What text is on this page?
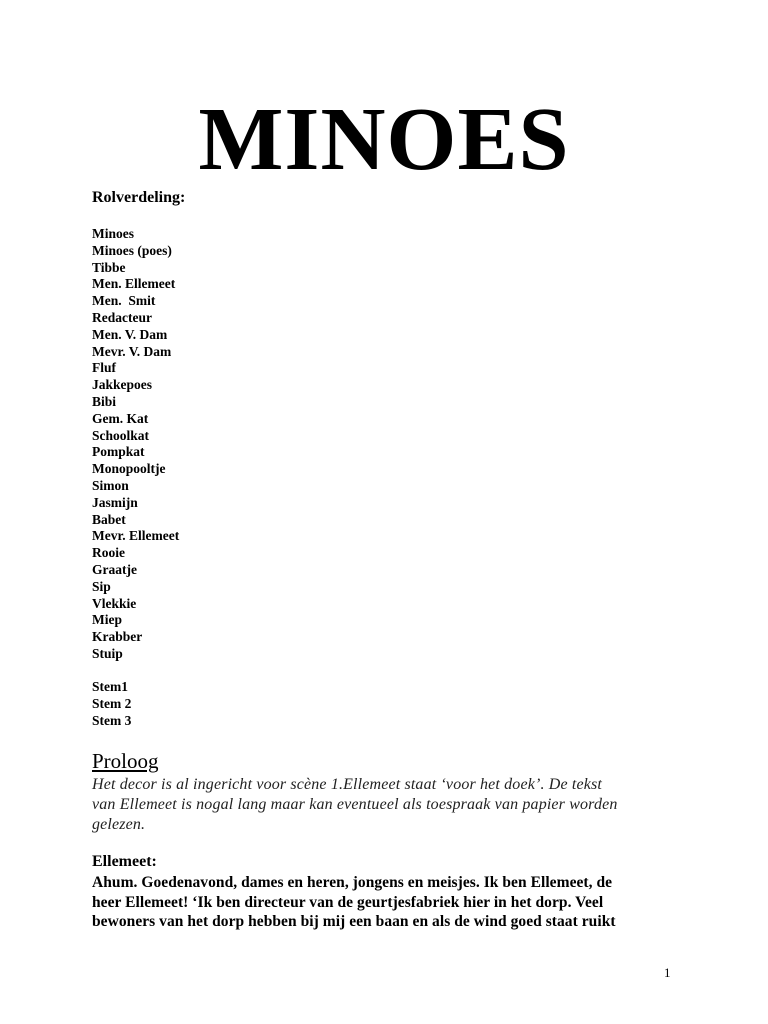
MINOES

Rolverdeling:

Minoes
Minoes (poes)
Tibbe
Men. Ellemeet
Men.  Smit
Redacteur
Men. V. Dam
Mevr. V. Dam
Fluf
Jakkepoes
Bibi
Gem. Kat
Schoolkat
Pompkat
Monopooltje
Simon
Jasmijn
Babet
Mevr. Ellemeet
Rooie
Graatje
Sip
Vlekkie
Miep
Krabber
Stuip
Stem1
Stem 2
Stem 3
Proloog

Het decor is al ingericht voor scène 1.Ellemeet staat ‘voor het doek’. De tekst
van Ellemeet is nogal lang maar kan eventueel als toespraak van papier worden
gelezen.

Ellemeet:

Ahum. Goedenavond, dames en heren, jongens en meisjes. Ik ben Ellemeet, de
heer Ellemeet! ‘Ik ben directeur van de geurtjesfabriek hier in het dorp. Veel
bewoners van het dorp hebben bij mij een baan en als de wind goed staat ruikt

1
